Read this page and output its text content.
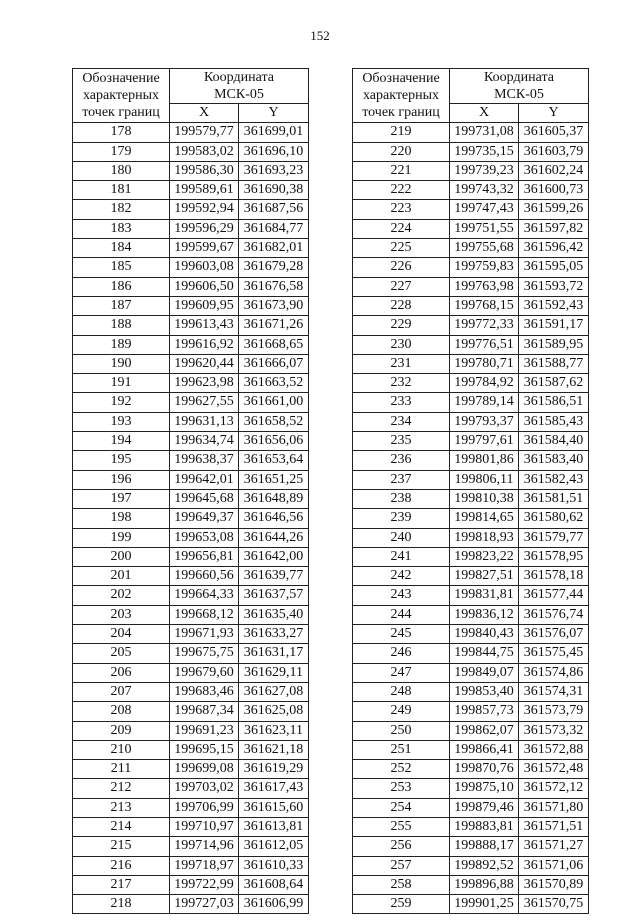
152
Обозначение
характерных
точек границ	Координата
МСК-05	
	X	Y
178	199579,77	361699,01
179	199583,02	361696,10
180	199586,30	361693,23
181	199589,61	361690,38
182	199592,94	361687,56
183	199596,29	361684,77
184	199599,67	361682,01
185	199603,08	361679,28
186	199606,50	361676,58
187	199609,95	361673,90
188	199613,43	361671,26
189	199616,92	361668,65
190	199620,44	361666,07
191	199623,98	361663,52
192	199627,55	361661,00
193	199631,13	361658,52
194	199634,74	361656,06
195	199638,37	361653,64
196	199642,01	361651,25
197	199645,68	361648,89
198	199649,37	361646,56
199	199653,08	361644,26
200	199656,81	361642,00
201	199660,56	361639,77
202	199664,33	361637,57
203	199668,12	361635,40
204	199671,93	361633,27
205	199675,75	361631,17
206	199679,60	361629,11
207	199683,46	361627,08
208	199687,34	361625,08
209	199691,23	361623,11
210	199695,15	361621,18
211	199699,08	361619,29
212	199703,02	361617,43
213	199706,99	361615,60
214	199710,97	361613,81
215	199714,96	361612,05
216	199718,97	361610,33
217	199722,99	361608,64
218	199727,03	361606,99
Обозначение
характерных
точек границ	Координата
МСК-05	
	X	Y
219	199731,08	361605,37
220	199735,15	361603,79
221	199739,23	361602,24
222	199743,32	361600,73
223	199747,43	361599,26
224	199751,55	361597,82
225	199755,68	361596,42
226	199759,83	361595,05
227	199763,98	361593,72
228	199768,15	361592,43
229	199772,33	361591,17
230	199776,51	361589,95
231	199780,71	361588,77
232	199784,92	361587,62
233	199789,14	361586,51
234	199793,37	361585,43
235	199797,61	361584,40
236	199801,86	361583,40
237	199806,11	361582,43
238	199810,38	361581,51
239	199814,65	361580,62
240	199818,93	361579,77
241	199823,22	361578,95
242	199827,51	361578,18
243	199831,81	361577,44
244	199836,12	361576,74
245	199840,43	361576,07
246	199844,75	361575,45
247	199849,07	361574,86
248	199853,40	361574,31
249	199857,73	361573,79
250	199862,07	361573,32
251	199866,41	361572,88
252	199870,76	361572,48
253	199875,10	361572,12
254	199879,46	361571,80
255	199883,81	361571,51
256	199888,17	361571,27
257	199892,52	361571,06
258	199896,88	361570,89
259	199901,25	361570,75
